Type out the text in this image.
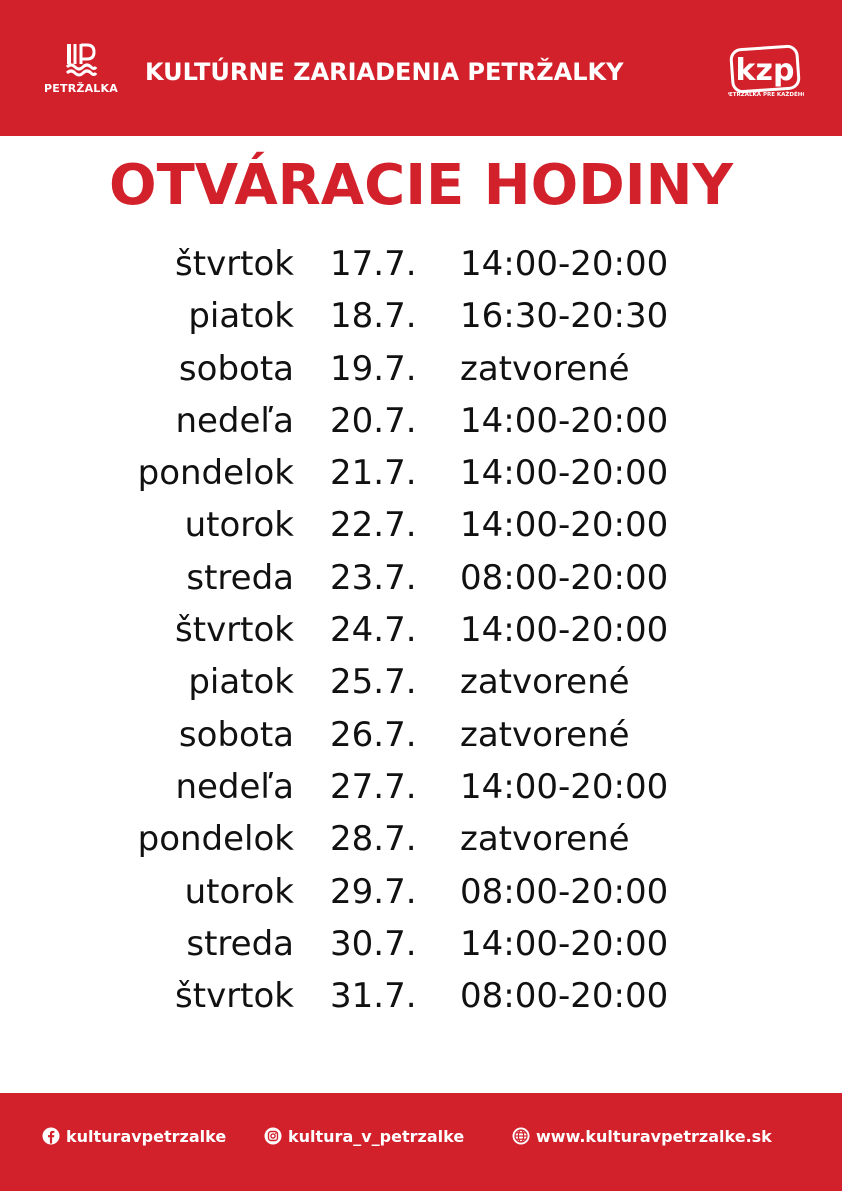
PETRŽALKA
KULTÚRNE ZARIADENIA PETRŽALKY	kzp
PETRŽALKA PRE KAŽDÉHO
OTVÁRACIE HODINY
štvrtok 17.7. 14:00-20:00
piatok 18.7. 16:30-20:30
sobota 19.7. zatvorené
nedeľa 20.7. 14:00-20:00
pondelok 21.7. 14:00-20:00
utorok 22.7. 14:00-20:00
streda 23.7. 08:00-20:00
štvrtok 24.7. 14:00-20:00
piatok 25.7. zatvorené
sobota 26.7. zatvorené
nedeľa 27.7. 14:00-20:00
pondelok 28.7. zatvorené
utorok 29.7. 08:00-20:00
streda 30.7. 14:00-20:00
štvrtok 31.7. 08:00-20:00
kulturavpetrzalke	kultura_v_petrzalke	www.kulturavpetrzalke.sk
